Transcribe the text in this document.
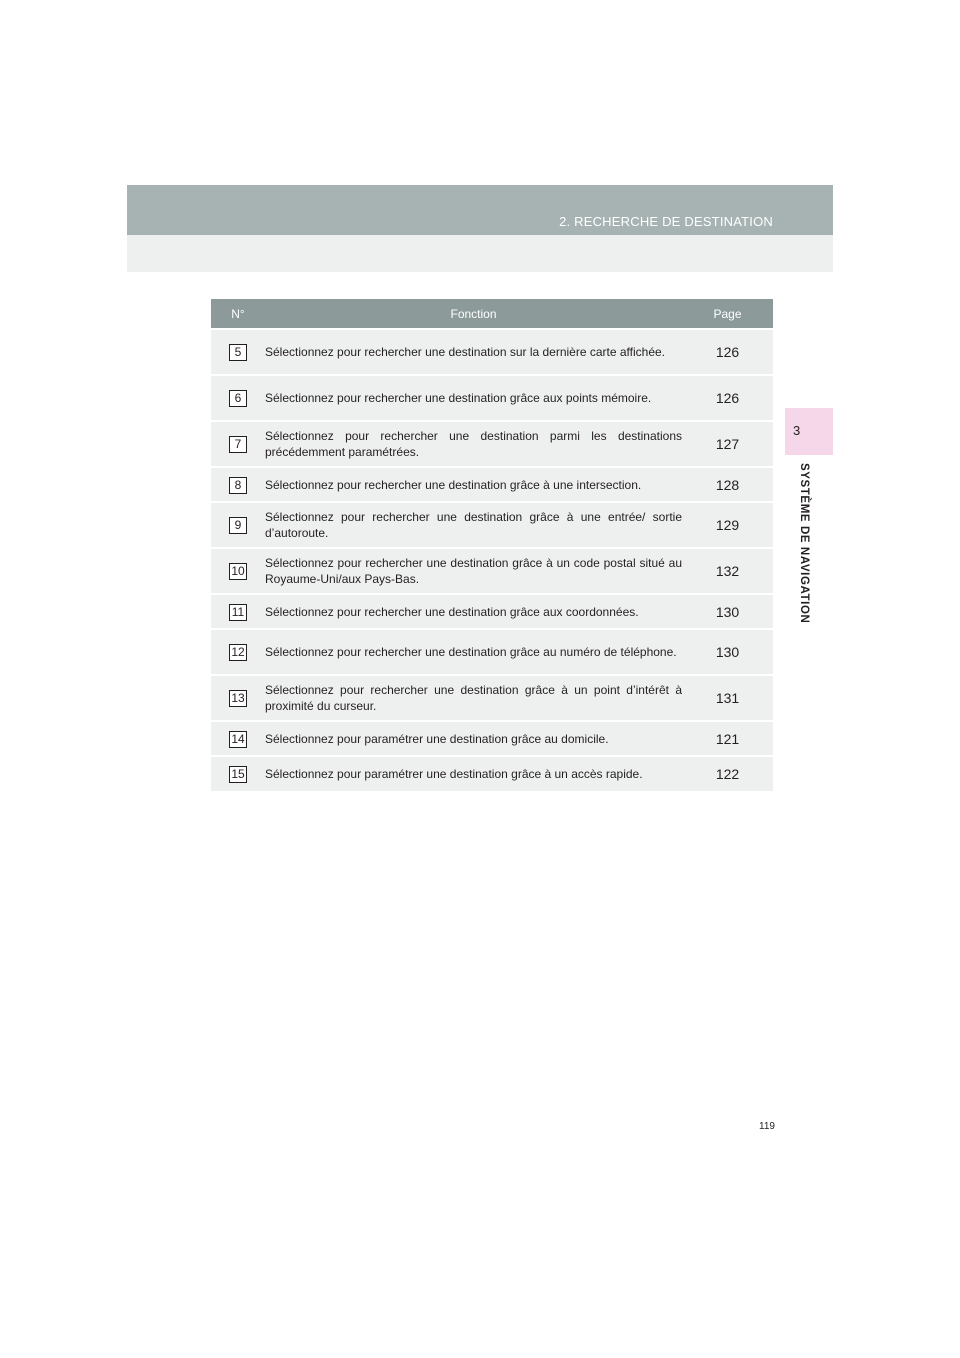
2. RECHERCHE DE DESTINATION
3
SYSTÈME DE NAVIGATION
N°	Fonction	Page
5	Sélectionnez pour rechercher une destination sur la dernière carte affichée.	126
6	Sélectionnez pour rechercher une destination grâce aux points mémoire.	126
7	Sélectionnez pour rechercher une destination parmi les destinations précédemment paramétrées.	127
8	Sélectionnez pour rechercher une destination grâce à une intersection.	128
9	Sélectionnez pour rechercher une destination grâce à une entrée/ sortie d’autoroute.	129
10	Sélectionnez pour rechercher une destination grâce à un code postal situé au Royaume-Uni/aux Pays-Bas.	132
11	Sélectionnez pour rechercher une destination grâce aux coordonnées.	130
12	Sélectionnez pour rechercher une destination grâce au numéro de téléphone.	130
13	Sélectionnez pour rechercher une destination grâce à un point d’intérêt à proximité du curseur.	131
14	Sélectionnez pour paramétrer une destination grâce au domicile.	121
15	Sélectionnez pour paramétrer une destination grâce à un accès rapide.	122
119
